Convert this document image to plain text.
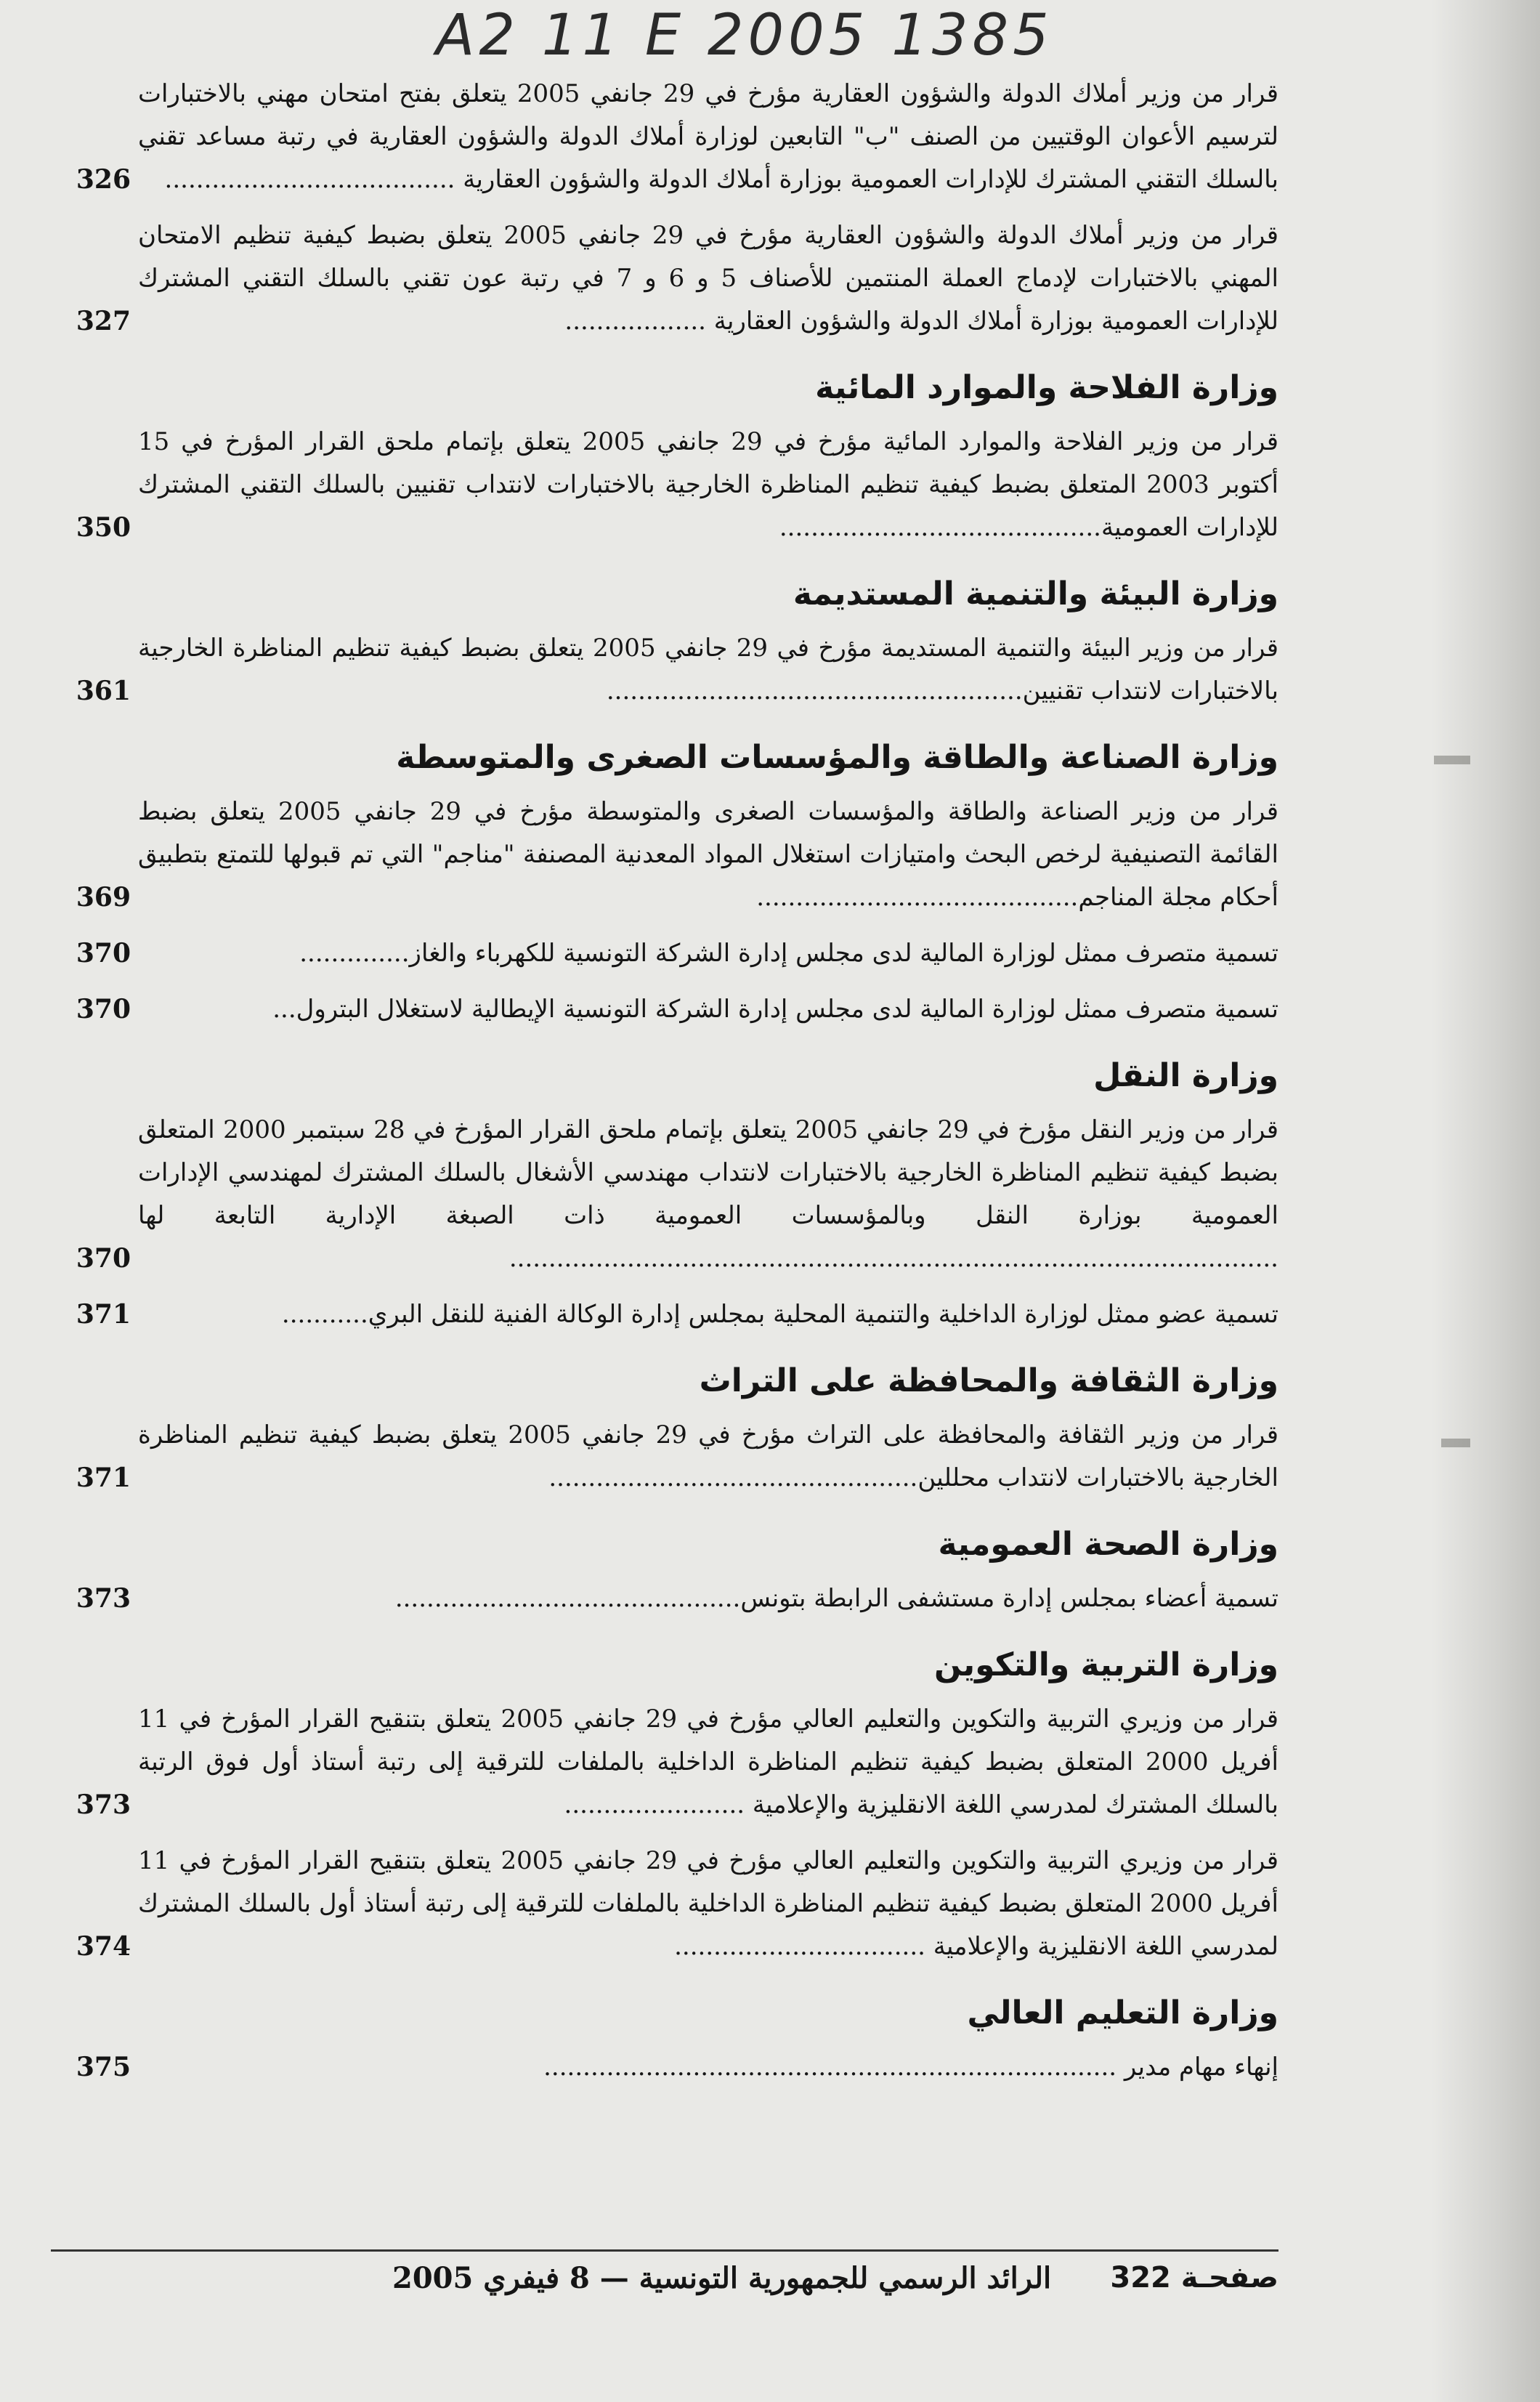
A2 11 E 2005 1385
قرار من وزير أملاك الدولة والشؤون العقارية مؤرخ في 29 جانفي 2005 يتعلق بفتح امتحان مهني بالاختبارات لترسيم الأعوان الوقتيين من الصنف "ب" التابعين لوزارة أملاك الدولة والشؤون العقارية في رتبة مساعد تقني بالسلك التقني المشترك للإدارات العمومية بوزارة أملاك الدولة والشؤون العقارية .....................................
326
قرار من وزير أملاك الدولة والشؤون العقارية مؤرخ في 29 جانفي 2005 يتعلق بضبط كيفية تنظيم الامتحان المهني بالاختبارات لإدماج العملة المنتمين للأصناف 5 و 6 و 7 في رتبة عون تقني بالسلك التقني المشترك للإدارات العمومية بوزارة أملاك الدولة والشؤون العقارية ..................
327
وزارة الفلاحة والموارد المائية
قرار من وزير الفلاحة والموارد المائية مؤرخ في 29 جانفي 2005 يتعلق بإتمام ملحق القرار المؤرخ في 15 أكتوبر 2003 المتعلق بضبط كيفية تنظيم المناظرة الخارجية بالاختبارات لانتداب تقنيين بالسلك التقني المشترك للإدارات العمومية.........................................
350
وزارة البيئة والتنمية المستديمة
قرار من وزير البيئة والتنمية المستديمة مؤرخ في 29 جانفي 2005 يتعلق بضبط كيفية تنظيم المناظرة الخارجية بالاختبارات لانتداب تقنيين.....................................................
361
وزارة الصناعة والطاقة والمؤسسات الصغرى والمتوسطة
قرار من وزير الصناعة والطاقة والمؤسسات الصغرى والمتوسطة مؤرخ في 29 جانفي 2005 يتعلق بضبط القائمة التصنيفية لرخص البحث وامتيازات استغلال المواد المعدنية المصنفة "مناجم" التي تم قبولها للتمتع بتطبيق أحكام مجلة المناجم.........................................
369
تسمية متصرف ممثل لوزارة المالية لدى مجلس إدارة الشركة التونسية للكهرباء والغاز..............
370
تسمية متصرف ممثل لوزارة المالية لدى مجلس إدارة الشركة التونسية الإيطالية لاستغلال البترول...
370
وزارة النقل
قرار من وزير النقل مؤرخ في 29 جانفي 2005 يتعلق بإتمام ملحق القرار المؤرخ في 28 سبتمبر 2000 المتعلق بضبط كيفية تنظيم المناظرة الخارجية بالاختبارات لانتداب مهندسي الأشغال بالسلك المشترك لمهندسي الإدارات العمومية بوزارة النقل وبالمؤسسات العمومية ذات الصبغة الإدارية التابعة لها ..................................................................................................
370
تسمية عضو ممثل لوزارة الداخلية والتنمية المحلية بمجلس إدارة الوكالة الفنية للنقل البري...........
371
وزارة الثقافة والمحافظة على التراث
قرار من وزير الثقافة والمحافظة على التراث مؤرخ في 29 جانفي 2005 يتعلق بضبط كيفية تنظيم المناظرة الخارجية بالاختبارات لانتداب محللين...............................................
371
وزارة الصحة العمومية
تسمية أعضاء بمجلس إدارة مستشفى الرابطة بتونس............................................
373
وزارة التربية والتكوين
قرار من وزيري التربية والتكوين والتعليم العالي مؤرخ في 29 جانفي 2005 يتعلق بتنقيح القرار المؤرخ في 11 أفريل 2000 المتعلق بضبط كيفية تنظيم المناظرة الداخلية بالملفات للترقية إلى رتبة أستاذ أول فوق الرتبة بالسلك المشترك لمدرسي اللغة الانقليزية والإعلامية .......................
373
قرار من وزيري التربية والتكوين والتعليم العالي مؤرخ في 29 جانفي 2005 يتعلق بتنقيح القرار المؤرخ في 11 أفريل 2000 المتعلق بضبط كيفية تنظيم المناظرة الداخلية بالملفات للترقية إلى رتبة أستاذ أول بالسلك المشترك لمدرسي اللغة الانقليزية والإعلامية ................................
374
وزارة التعليم العالي
إنهاء مهام مدير .........................................................................
375
صفحـة 322
الرائد الرسمي للجمهورية التونسية — 8 فيفري 2005
